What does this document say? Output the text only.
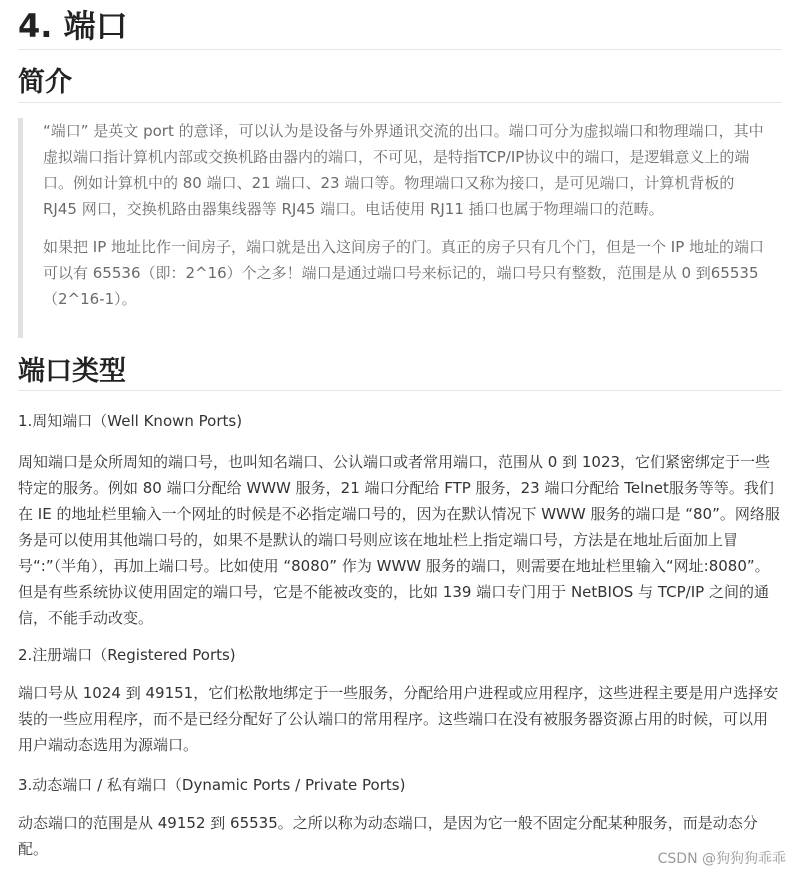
4. 端口
简介

“端口” 是英文 port 的意译，可以认为是设备与外界通讯交流的出口。端口可分为虚拟端口和物理端口，其中虚拟端口指计算机内部或交换机路由器内的端口，不可见，是特指TCP/IP协议中的端口，是逻辑意义上的端口。例如计算机中的 80 端口、21 端口、23 端口等。物理端口又称为接口，是可见端口，计算机背板的 RJ45 网口，交换机路由器集线器等 RJ45 端口。电话使用 RJ11 插口也属于物理端口的范畴。

如果把 IP 地址比作一间房子，端口就是出入这间房子的门。真正的房子只有几个门，但是一个 IP 地址的端口可以有 65536（即：2^16）个之多！端口是通过端口号来标记的，端口号只有整数，范围是从 0 到65535（2^16-1）。

端口类型

1.周知端口（Well Known Ports)

周知端口是众所周知的端口号，也叫知名端口、公认端口或者常用端口，范围从 0 到 1023，它们紧密绑定于一些特定的服务。例如 80 端口分配给 WWW 服务，21 端口分配给 FTP 服务，23 端口分配给 Telnet服务等等。我们在 IE 的地址栏里输入一个网址的时候是不必指定端口号的，因为在默认情况下 WWW 服务的端口是 “80”。网络服务是可以使用其他端口号的，如果不是默认的端口号则应该在地址栏上指定端口号，方法是在地址后面加上冒号“:”（半角），再加上端口号。比如使用 “8080” 作为 WWW 服务的端口，则需要在地址栏里输入“网址:8080”。但是有些系统协议使用固定的端口号，它是不能被改变的，比如 139 端口专门用于 NetBIOS 与 TCP/IP 之间的通信，不能手动改变。

2.注册端口（Registered Ports)

端口号从 1024 到 49151，它们松散地绑定于一些服务，分配给用户进程或应用程序，这些进程主要是用户选择安装的一些应用程序，而不是已经分配好了公认端口的常用程序。这些端口在没有被服务器资源占用的时候，可以用用户端动态选用为源端口。

3.动态端口 / 私有端口（Dynamic Ports / Private Ports)

动态端口的范围是从 49152 到 65535。之所以称为动态端口，是因为它一般不固定分配某种服务，而是动态分配。

CSDN @狗狗狗乖乖
